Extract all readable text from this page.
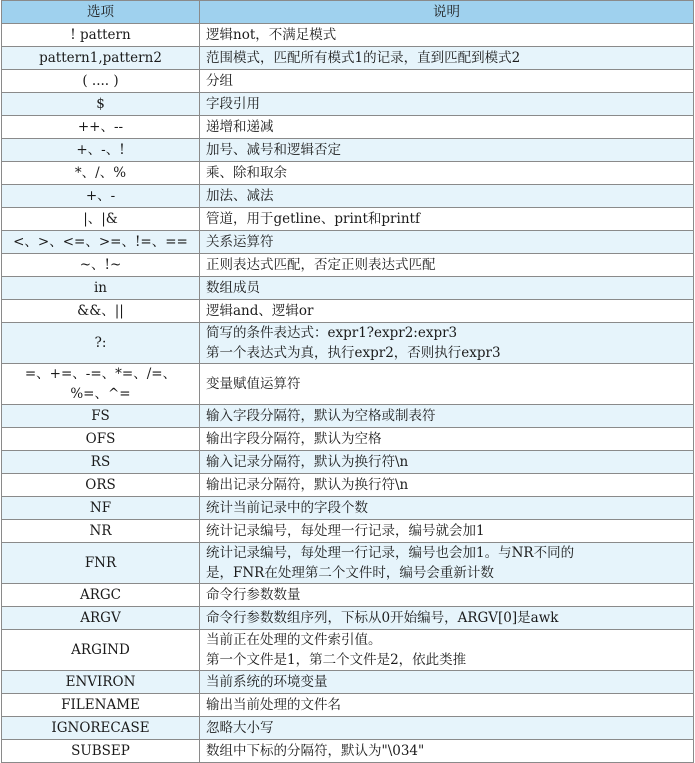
选项	说明
! pattern	逻辑not，不满足模式
pattern1,pattern2	范围模式，匹配所有模式1的记录，直到匹配到模式2
( .... )	分组
$	字段引用
++、--	递增和递减
+、-、!	加号、减号和逻辑否定
*、/、%	乘、除和取余
+、-	加法、减法
|、|&	管道，用于getline、print和printf
<、>、<=、>=、!=、==	关系运算符
~、!~	正则表达式匹配，否定正则表达式匹配
in	数组成员
&&、||	逻辑and、逻辑or
?:	简写的条件表达式：expr1?expr2:expr3
第一个表达式为真，执行expr2，否则执行expr3
=、+=、-=、*=、/=、
%=、^=	变量赋值运算符
FS	输入字段分隔符，默认为空格或制表符
OFS	输出字段分隔符，默认为空格
RS	输入记录分隔符，默认为换行符\n
ORS	输出记录分隔符，默认为换行符\n
NF	统计当前记录中的字段个数
NR	统计记录编号，每处理一行记录，编号就会加1
FNR	统计记录编号，每处理一行记录，编号也会加1。与NR不同的
是，FNR在处理第二个文件时，编号会重新计数
ARGC	命令行参数数量
ARGV	命令行参数数组序列，下标从0开始编号，ARGV[0]是awk
ARGIND	当前正在处理的文件索引值。
第一个文件是1，第二个文件是2，依此类推
ENVIRON	当前系统的环境变量
FILENAME	输出当前处理的文件名
IGNORECASE	忽略大小写
SUBSEP	数组中下标的分隔符，默认为"\034"
